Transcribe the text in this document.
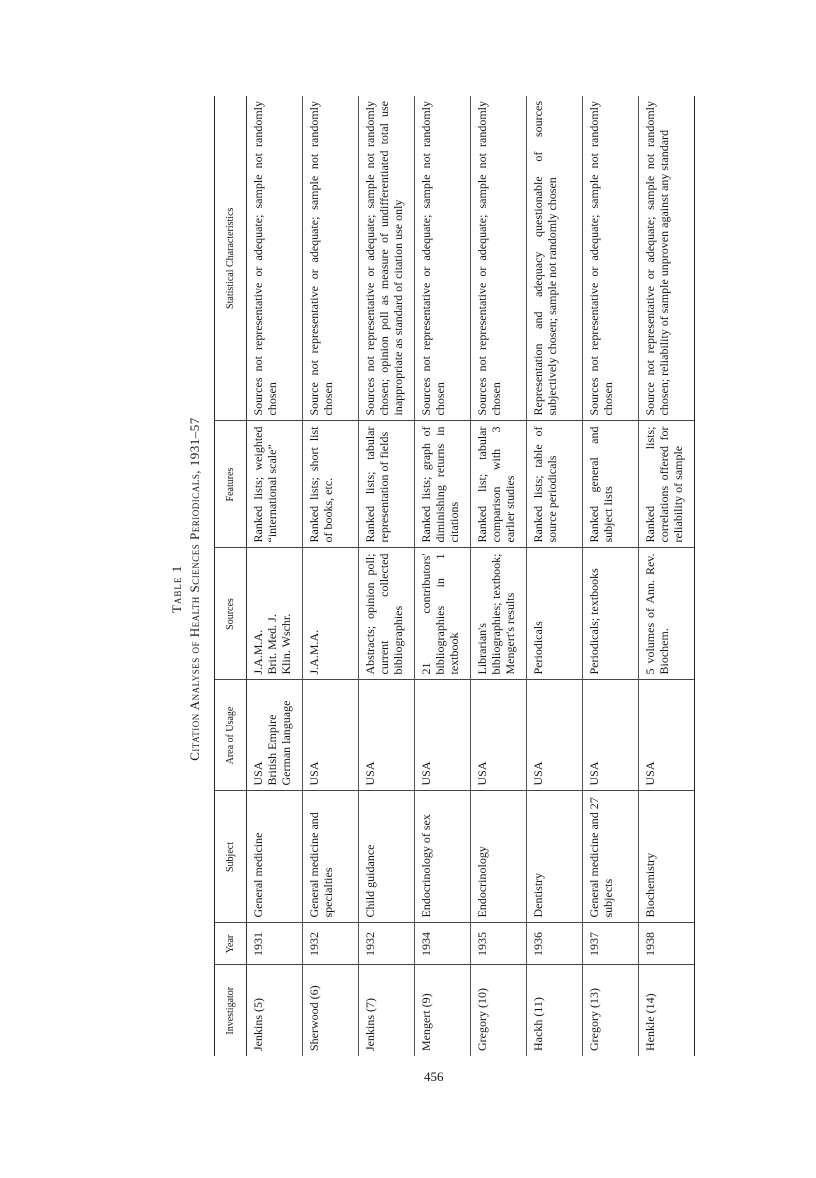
456
Table 1 Citation Analyses of Health Sciences Periodicals, 1931–57
Investigator	Year	Subject	Area of Usage	Sources	Features	Statistical Characteristics
Jenkins (5)	1931	General medicine	USA
British Empire
German language	J.A.M.A.
Brit. Med. J.
Klin. Wschr.	Ranked lists; weighted “international scale”	Sources not representative or adequate; sample not randomly chosen
Sherwood (6)	1932	General medicine and specialties	USA	J.A.M.A.	Ranked lists; short list of books, etc.	Source not representative or adequate; sample not randomly chosen
Jenkins (7)	1932	Child guidance	USA	Abstracts; opinion poll; current collected bibliographies	Ranked lists; tabular representation of fields	Sources not representative or adequate; sample not randomly chosen; opinion poll as measure of undifferentiated total use inappropriate as standard of citation use only
Mengert (9)	1934	Endocrinology of sex	USA	21 contributors' bibliographies in 1 textbook	Ranked lists; graph of diminishing returns in citations	Sources not representative or adequate; sample not randomly chosen
Gregory (10)	1935	Endocrinology	USA	Librarian's bibliographies; textbook; Mengert's results	Ranked list; tabular comparison with 3 earlier studies	Sources not representative or adequate; sample not randomly chosen
Hackh (11)	1936	Dentistry	USA	Periodicals	Ranked lists; table of source periodicals	Representation and adequacy questionable of sources subjectively chosen; sample not randomly chosen
Gregory (13)	1937	General medicine and 27 subjects	USA	Periodicals; textbooks	Ranked general and subject lists	Sources not representative or adequate; sample not randomly chosen
Henkle (14)	1938	Biochemistry	USA	5 volumes of Ann. Rev. Biochem.	Ranked lists; correlations offered for reliability of sample	Source not representative or adequate; sample not randomly chosen; reliability of sample unproven against any standard
